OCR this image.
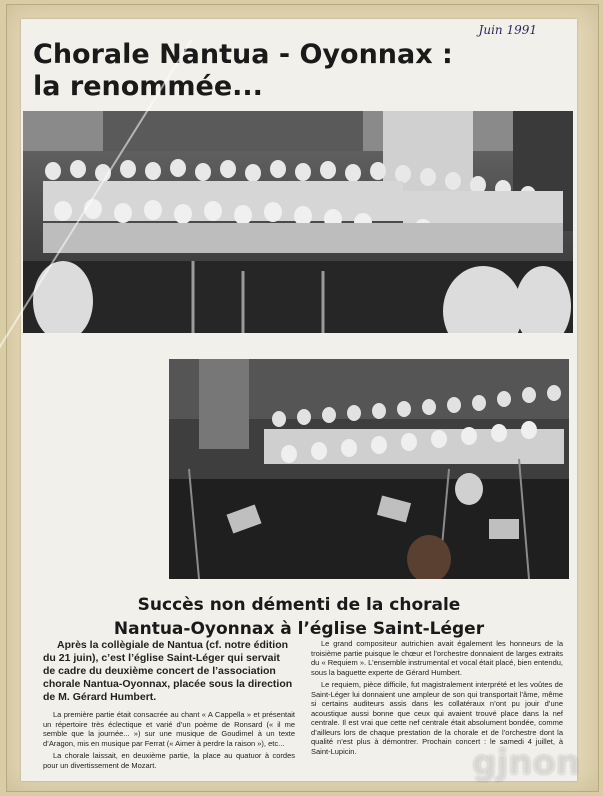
Juin 1991
Chorale Nantua - Oyonnax :
la renommée...
Succès non démenti de la chorale
Nantua-Oyonnax à l’église Saint-Léger

Après la collègiale de Nantua (cf. notre édition du 21 juin), c’est l’église Saint-Léger qui servait de cadre du deuxième concert de l’association chorale Nantua-Oyonnax, placée sous la direction de M. Gérard Humbert.

La première partie était consacrée au chant « A Cappella » et présentait un répertoire très éclectique et varié d’un poème de Ronsard (« il me semble que la journée... ») sur une musique de Goudimel à un texte d’Aragon, mis en musique par Ferrat (« Aimer à perdre la raison »), etc...

La chorale laissait, en deuxième partie, la place au quatuor à cordes pour un divertissement de Mozart.

Le grand compositeur autrichien avait également les honneurs de la troisième partie puisque le chœur et l’orchestre donnaient de larges extraits du « Requiem ». L’ensemble instrumental et vocal était placé, bien entendu, sous la baguette experte de Gérard Humbert.

Le requiem, pièce difficile, fut magistralement interprété et les voûtes de Saint-Léger lui donnaient une ampleur de son qui transportait l’âme, même si certains auditeurs assis dans les collatéraux n’ont pu jouir d’une acoustique aussi bonne que ceux qui avaient trouvé place dans la nef centrale. Il est vrai que cette nef centrale était absolument bondée, comme d’ailleurs lors de chaque prestation de la chorale et de l’orchestre dont la qualité n’est plus à démontrer. Prochain concert : le samedi 4 juillet, à Saint-Lupicin.	gjnon
